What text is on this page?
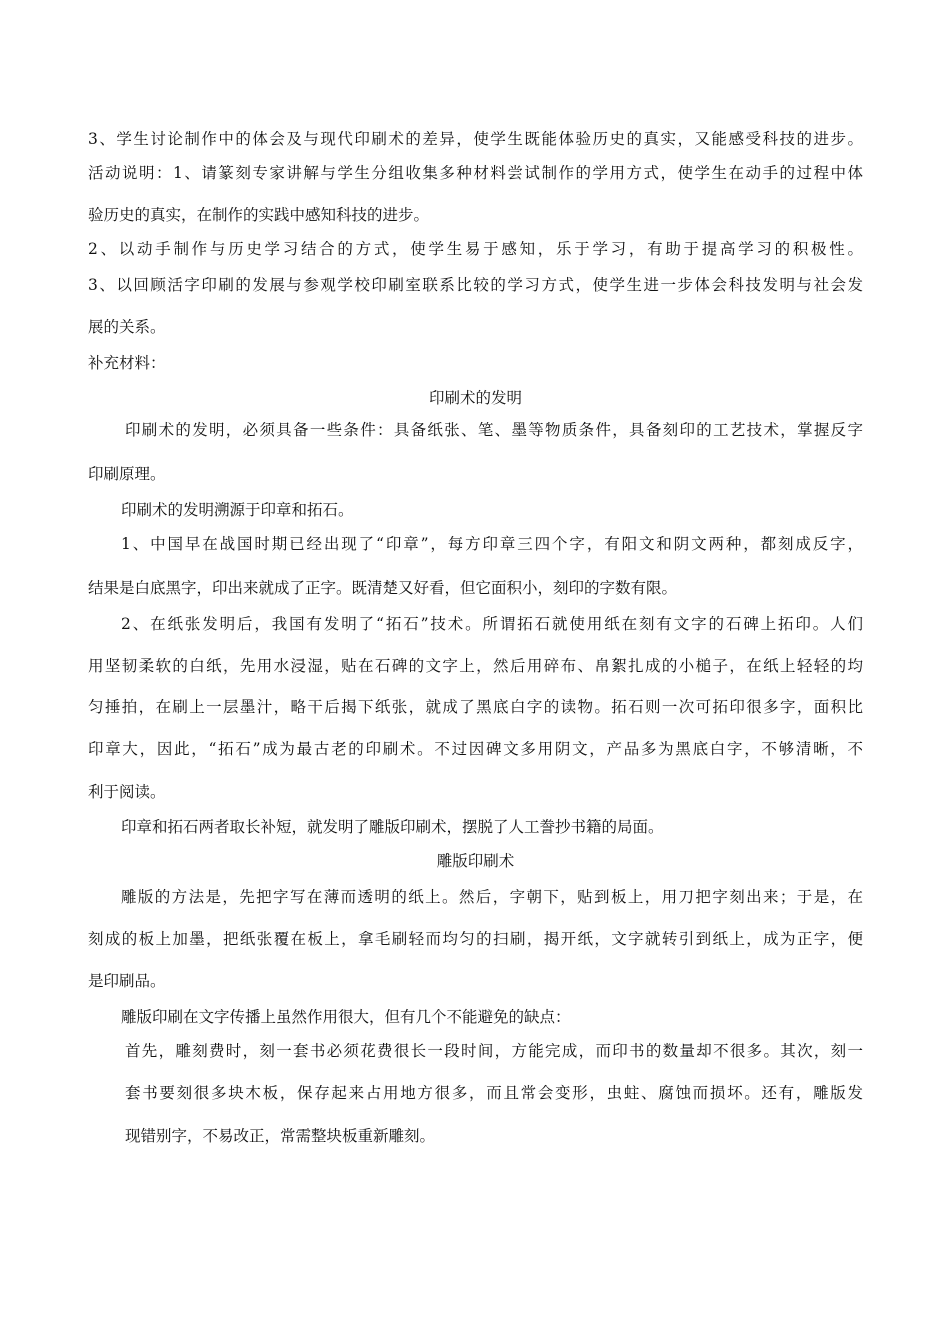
3、学生讨论制作中的体会及与现代印刷术的差异，使学生既能体验历史的真实，又能感受科技的进步。
活动说明：1、请篆刻专家讲解与学生分组收集多种材料尝试制作的学用方式，使学生在动手的过程中体
验历史的真实，在制作的实践中感知科技的进步。
2、以动手制作与历史学习结合的方式，使学生易于感知，乐于学习，有助于提高学习的积极性。
3、以回顾活字印刷的发展与参观学校印刷室联系比较的学习方式，使学生进一步体会科技发明与社会发
展的关系。
补充材料：
印刷术的发明
印刷术的发明，必须具备一些条件：具备纸张、笔、墨等物质条件，具备刻印的工艺技术，掌握反字
印刷原理。
印刷术的发明溯源于印章和拓石。
1、中国早在战国时期已经出现了“印章”，每方印章三四个字，有阳文和阴文两种，都刻成反字，
结果是白底黑字，印出来就成了正字。既清楚又好看，但它面积小，刻印的字数有限。
2、在纸张发明后，我国有发明了“拓石”技术。所谓拓石就使用纸在刻有文字的石碑上拓印。人们
用坚韧柔软的白纸，先用水浸湿，贴在石碑的文字上，然后用碎布、帛絮扎成的小槌子，在纸上轻轻的均
匀捶拍，在刷上一层墨汁，略干后揭下纸张，就成了黑底白字的读物。拓石则一次可拓印很多字，面积比
印章大，因此，“拓石”成为最古老的印刷术。不过因碑文多用阴文，产品多为黑底白字，不够清晰，不
利于阅读。
印章和拓石两者取长补短，就发明了雕版印刷术，摆脱了人工誊抄书籍的局面。
雕版印刷术
雕版的方法是，先把字写在薄而透明的纸上。然后，字朝下，贴到板上，用刀把字刻出来；于是，在
刻成的板上加墨，把纸张覆在板上，拿毛刷轻而均匀的扫刷，揭开纸，文字就转引到纸上，成为正字，便
是印刷品。
雕版印刷在文字传播上虽然作用很大，但有几个不能避免的缺点：
首先，雕刻费时，刻一套书必须花费很长一段时间，方能完成，而印书的数量却不很多。其次，刻一
套书要刻很多块木板，保存起来占用地方很多，而且常会变形，虫蛀、腐蚀而损坏。还有，雕版发
现错别字，不易改正，常需整块板重新雕刻。
